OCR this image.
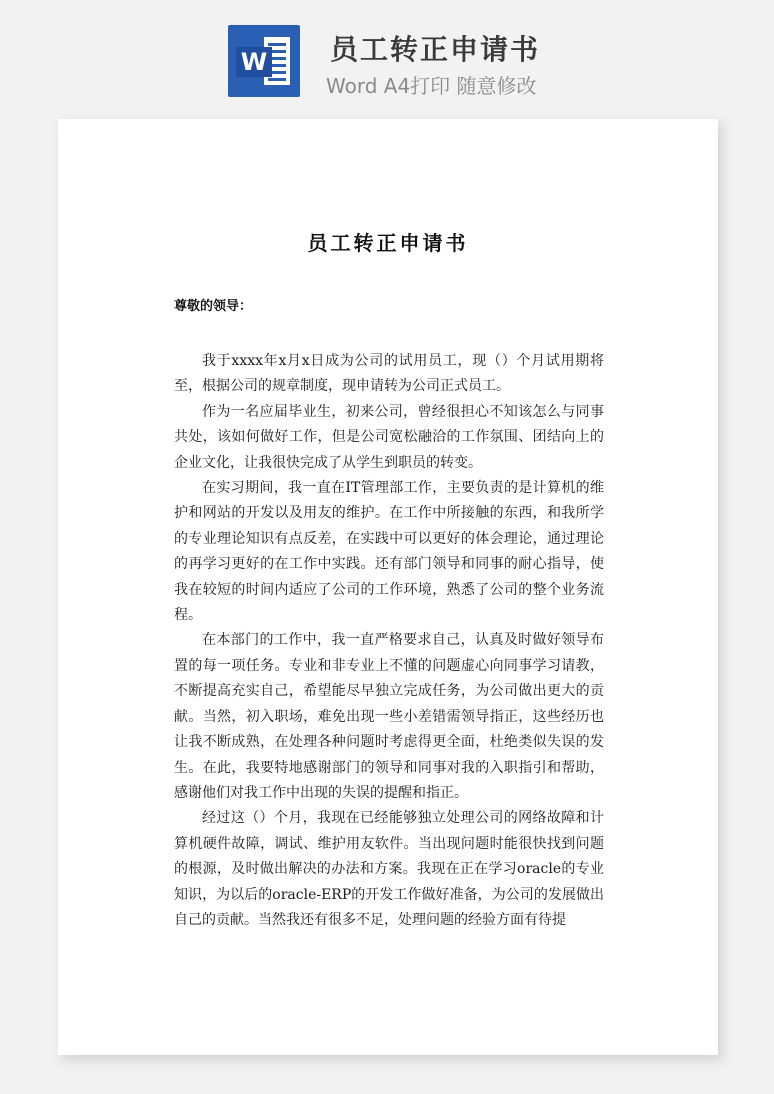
W 员工转正申请书
Word A4打印 随意修改
员工转正申请书
尊敬的领导：

我于xxxx年x月x日成为公司的试用员工，现（）个月试用期将至，根据公司的规章制度，现申请转为公司正式员工。

作为一名应届毕业生，初来公司，曾经很担心不知该怎么与同事共处，该如何做好工作，但是公司宽松融洽的工作氛围、团结向上的企业文化，让我很快完成了从学生到职员的转变。

在实习期间，我一直在IT管理部工作，主要负责的是计算机的维护和网站的开发以及用友的维护。在工作中所接触的东西，和我所学的专业理论知识有点反差，在实践中可以更好的体会理论，通过理论的再学习更好的在工作中实践。还有部门领导和同事的耐心指导，使我在较短的时间内适应了公司的工作环境，熟悉了公司的整个业务流程。

在本部门的工作中，我一直严格要求自己，认真及时做好领导布置的每一项任务。专业和非专业上不懂的问题虚心向同事学习请教，不断提高充实自己，希望能尽早独立完成任务，为公司做出更大的贡献。当然，初入职场，难免出现一些小差错需领导指正，这些经历也让我不断成熟，在处理各种问题时考虑得更全面，杜绝类似失误的发生。在此，我要特地感谢部门的领导和同事对我的入职指引和帮助，感谢他们对我工作中出现的失误的提醒和指正。

经过这（）个月，我现在已经能够独立处理公司的网络故障和计算机硬件故障，调试、维护用友软件。当出现问题时能很快找到问题的根源，及时做出解决的办法和方案。我现在正在学习oracle的专业知识，为以后的oracle-ERP的开发工作做好准备，为公司的发展做出自己的贡献。当然我还有很多不足，处理问题的经验方面有待提
